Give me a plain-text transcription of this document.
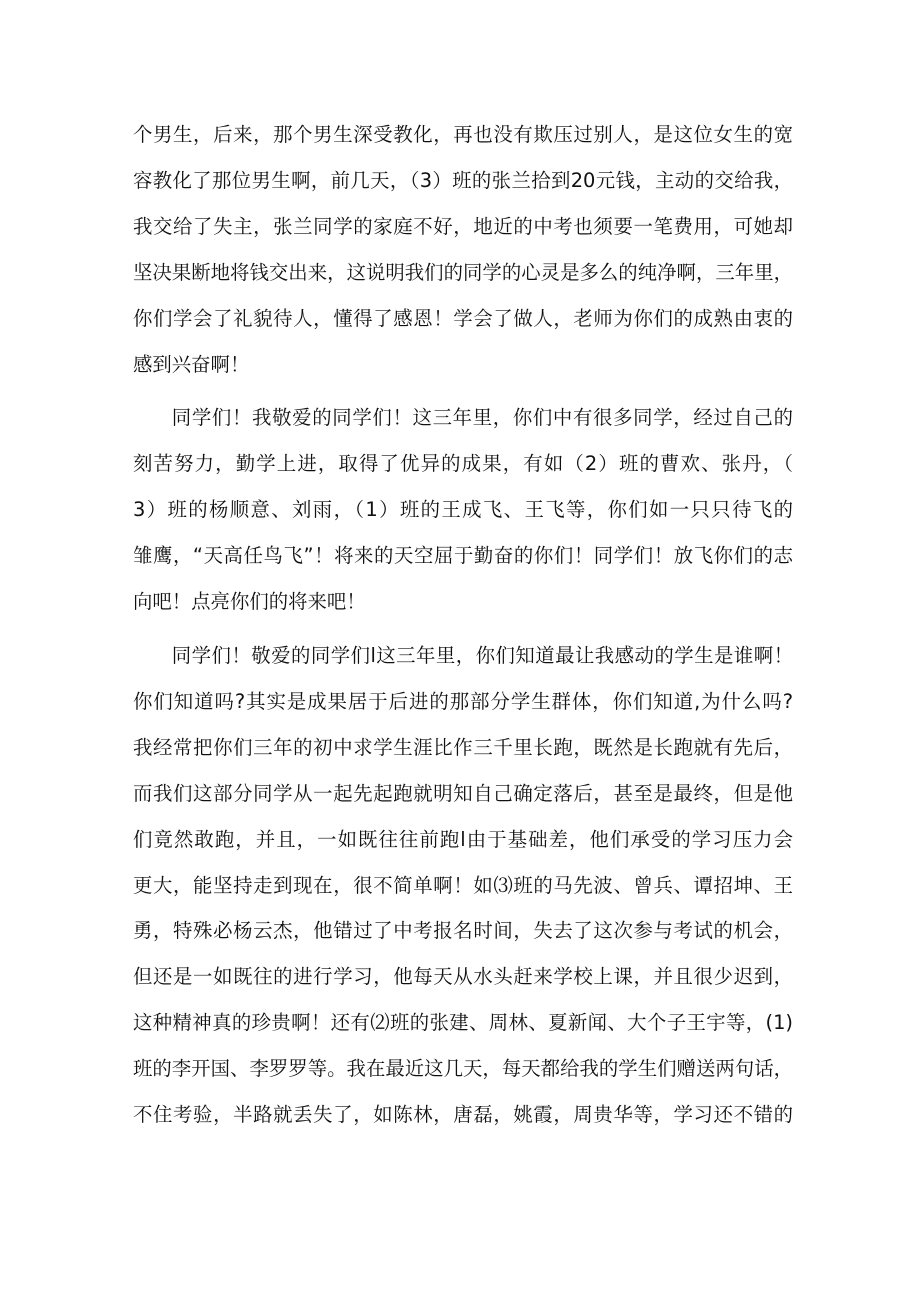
个男生，后来，那个男生深受教化，再也没有欺压过别人，是这位女生的宽
容教化了那位男生啊，前几天，（3）班的张兰拾到20元钱，主动的交给我，
我交给了失主，张兰同学的家庭不好，地近的中考也须要一笔费用，可她却
坚决果断地将钱交出来，这说明我们的同学的心灵是多么的纯净啊，三年里，
你们学会了礼貌待人，懂得了感恩！学会了做人，老师为你们的成熟由衷的
感到兴奋啊！

同学们！我敬爱的同学们！这三年里，你们中有很多同学，经过自己的
刻苦努力，勤学上进，取得了优异的成果，有如（2）班的曹欢、张丹，（
3）班的杨顺意、刘雨，（1）班的王成飞、王飞等，你们如一只只待飞的
雏鹰，“天高任鸟飞”！将来的天空屈于勤奋的你们！同学们！放飞你们的志
向吧！点亮你们的将来吧！

同学们！敬爱的同学们l这三年里，你们知道最让我感动的学生是谁啊！
你们知道吗?其实是成果居于后进的那部分学生群体，你们知道,为什么吗?
我经常把你们三年的初中求学生涯比作三千里长跑，既然是长跑就有先后，
而我们这部分同学从一起先起跑就明知自己确定落后，甚至是最终，但是他
们竟然敢跑，并且，一如既往往前跑l由于基础差，他们承受的学习压力会
更大，能坚持走到现在，很不简单啊！如⑶班的马先波、曾兵、谭招坤、王
勇，特殊必杨云杰，他错过了中考报名时间，失去了这次参与考试的机会，
但还是一如既往的进行学习，他每天从水头赶来学校上课，并且很少迟到，
这种精神真的珍贵啊！还有⑵班的张建、周林、夏新闻、大个子王宇等，(1)
班的李开国、李罗罗等。我在最近这几天，每天都给我的学生们赠送两句话，
不住考验，半路就丢失了，如陈林，唐磊，姚霞，周贵华等，学习还不错的
